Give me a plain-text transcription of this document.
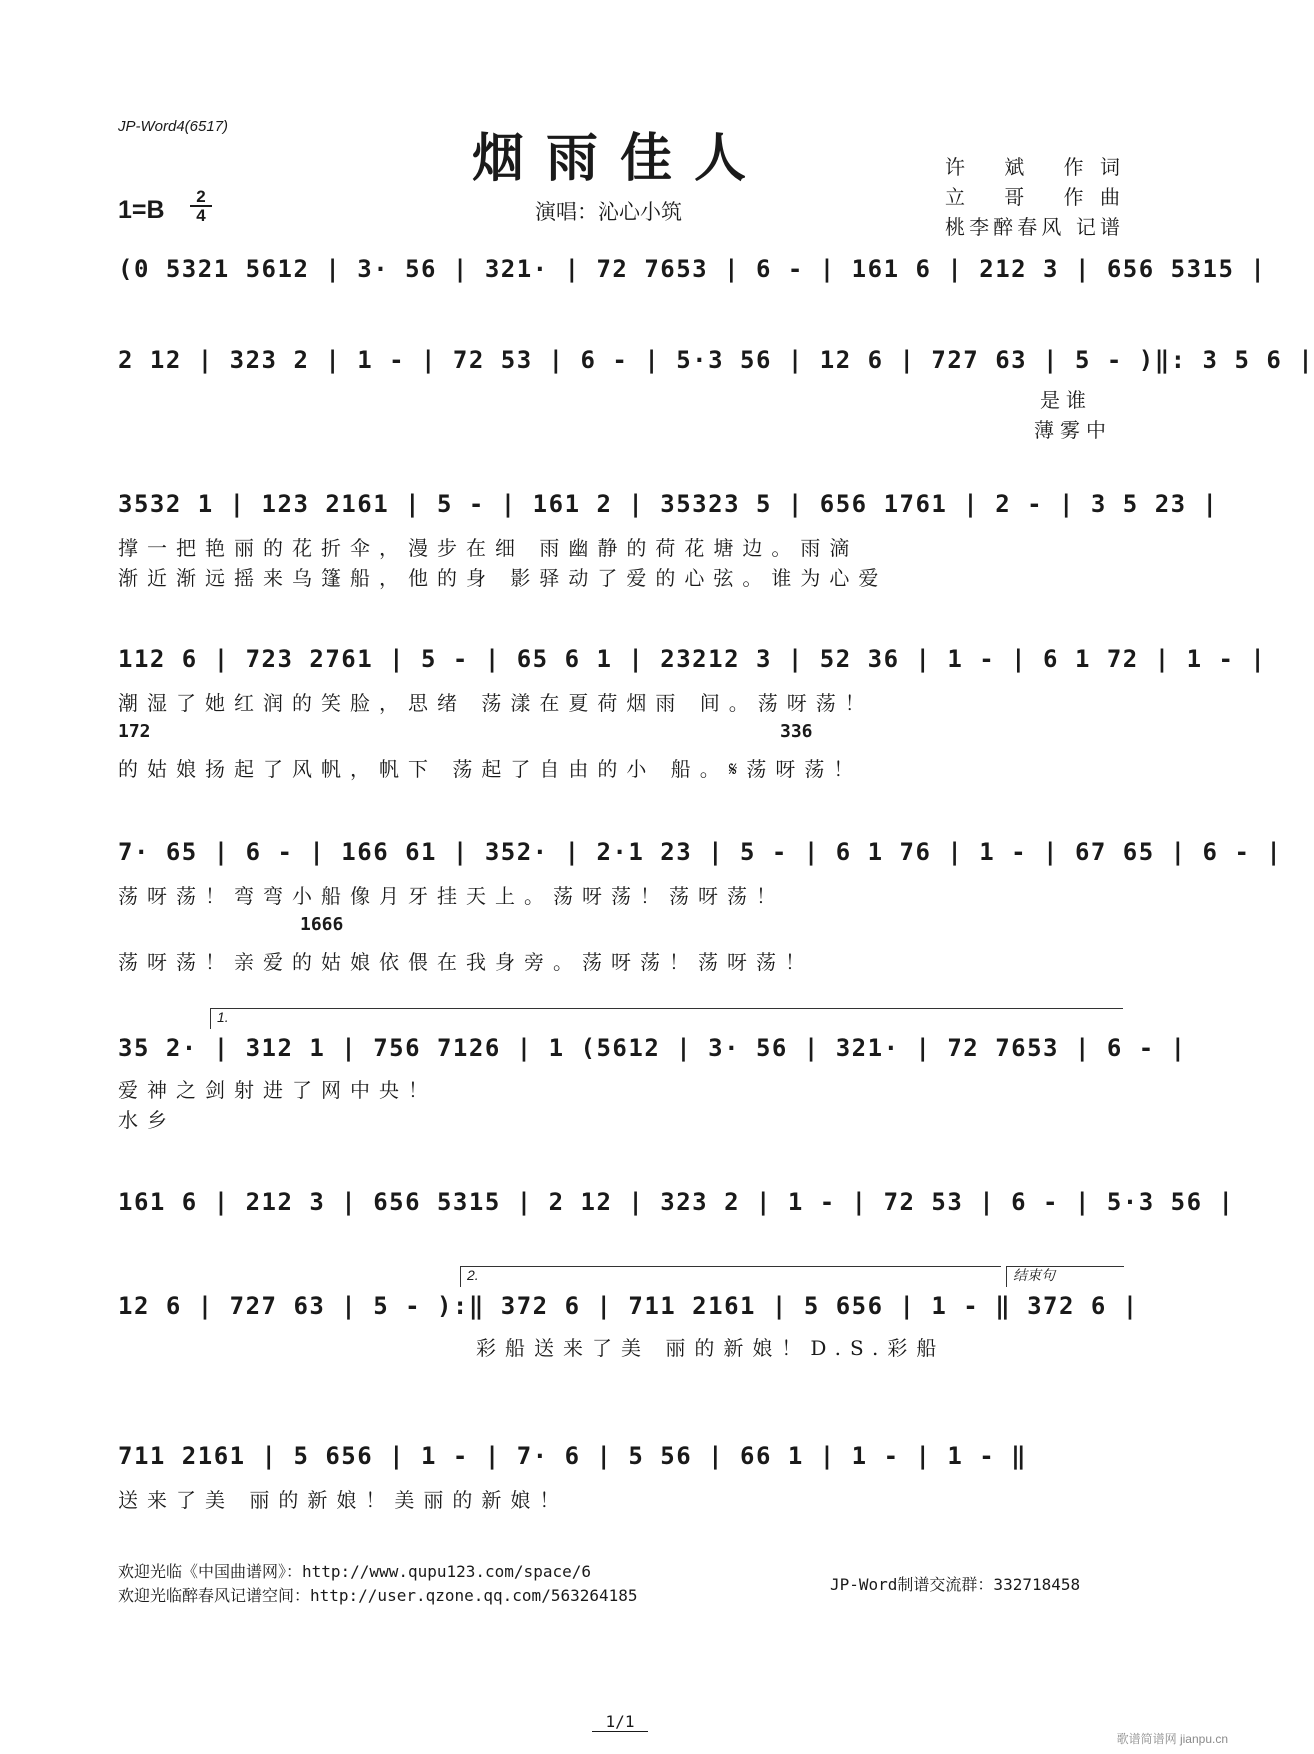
JP-Word4(6517)
烟雨佳人	许 斌 作词
立 哥 作曲
桃李醉春风 记谱
1=B	2
4	演唱：沁心小筑
(0 5321 5612 | 3· 56 | 321· | 72 7653 | 6 - | 161 6 | 212 3 | 656 5315 |
2 12 | 323 2 | 1 - | 72 53 | 6 - | 5·3 56 | 12 6 | 727 63 | 5 - )‖: 3 5 6 |
是谁
薄雾中
3532 1 | 123 2161 | 5 - | 161 2 | 35323 5 | 656 1761 | 2 - | 3 5 23 |
撑一把艳丽的花折伞，漫步在细 雨幽静的荷花塘边。雨滴
渐近渐远摇来乌篷船，他的身 影驿动了爱的心弦。谁为心爱
112 6 | 723 2761 | 5 - | 65 6 1 | 23212 3 | 52 36 | 1 - | 6 1 72 | 1 - |
潮湿了她红润的笑脸，思绪 荡漾在夏荷烟雨 间。荡呀荡！
172	336
的姑娘扬起了风帆，帆下 荡起了自由的小 船。𝄋荡呀荡！
7· 65 | 6 - | 166 61 | 352· | 2·1 23 | 5 - | 6 1 76 | 1 - | 67 65 | 6 - |
荡呀荡！弯弯小船像月牙挂天上。荡呀荡！荡呀荡！
1666
荡呀荡！亲爱的姑娘依偎在我身旁。荡呀荡！荡呀荡！
1.
35 2· | 312 1 | 756 7126 | 1 (5612 | 3· 56 | 321· | 72 7653 | 6 - |
爱神之剑射进了网中央！
水乡
161 6 | 212 3 | 656 5315 | 2 12 | 323 2 | 1 - | 72 53 | 6 - | 5·3 56 |
2.	结束句
12 6 | 727 63 | 5 - ):‖ 372 6 | 711 2161 | 5 656 | 1 - ‖ 372 6 |
彩船送来了美 丽的新娘！D.S.彩船
711 2161 | 5 656 | 1 - | 7· 6 | 5 56 | 66 1 | 1 - | 1 - ‖
送来了美 丽的新娘！美丽的新娘！
欢迎光临《中国曲谱网》：http://www.qupu123.com/space/6
欢迎光临醉春风记谱空间：http://user.qzone.qq.com/563264185
JP-Word制谱交流群：332718458
1/1
歌谱简谱网 jianpu.cn
